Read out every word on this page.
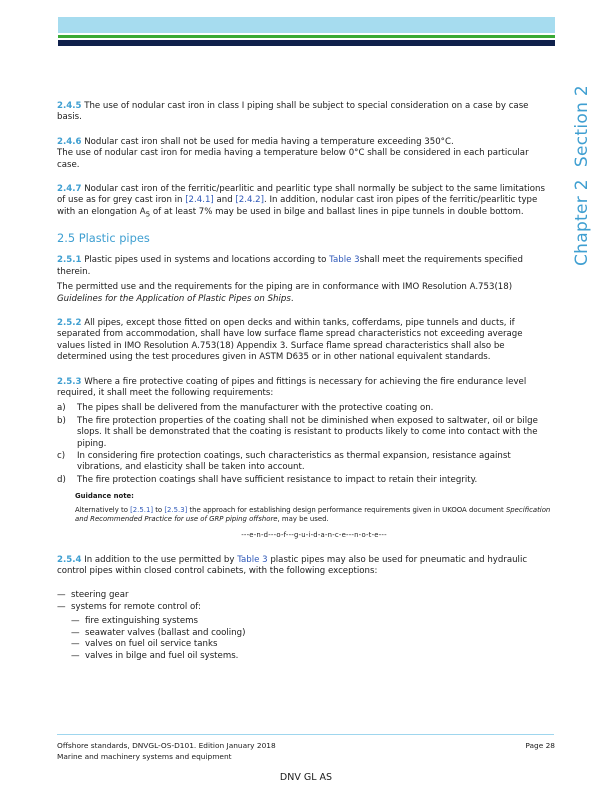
Chapter 2Section 2

2.4.5 The use of nodular cast iron in class I piping shall be subject to special consideration on a case by case basis.

2.4.6 Nodular cast iron shall not be used for media having a temperature exceeding 350°C.

The use of nodular cast iron for media having a temperature below 0°C shall be considered in each particular case.

2.4.7 Nodular cast iron of the ferritic/pearlitic and pearlitic type shall normally be subject to the same limitations of use as for grey cast iron in [2.4.1] and [2.4.2]. In addition, nodular cast iron pipes of the ferritic/pearlitic type with an elongation $A_5$ of at least 7% may be used in bilge and ballast lines in pipe tunnels in double bottom.

2.5 Plastic pipes

2.5.1 Plastic pipes used in systems and locations according to Table 3shall meet the requirements specified therein.

The permitted use and the requirements for the piping are in conformance with IMO Resolution A.753(18) Guidelines for the Application of Plastic Pipes on Ships.

2.5.2 All pipes, except those fitted on open decks and within tanks, cofferdams, pipe tunnels and ducts, if separated from accommodation, shall have low surface flame spread characteristics not exceeding average values listed in IMO Resolution A.753(18) Appendix 3. Surface flame spread characteristics shall also be determined using the test procedures given in ASTM D635 or in other national equivalent standards.

2.5.3 Where a fire protective coating of pipes and fittings is necessary for achieving the fire endurance level required, it shall meet the following requirements:

a)	The pipes shall be delivered from the manufacturer with the protective coating on.
b)	The fire protection properties of the coating shall not be diminished when exposed to saltwater, oil or bilge slops. It shall be demonstrated that the coating is resistant to products likely to come into contact with the piping.
c)	In considering fire protection coatings, such characteristics as thermal expansion, resistance against vibrations, and elasticity shall be taken into account.
d)	The fire protection coatings shall have sufficient resistance to impact to retain their integrity.
Guidance note:
Alternatively to [2.5.1] to [2.5.3] the approach for establishing design performance requirements given in UKOOA document Specification and Recommended Practice for use of GRP piping offshore, may be used.
---e-n-d---o-f---g-u-i-d-a-n-c-e---n-o-t-e---

2.5.4 In addition to the use permitted by Table 3 plastic pipes may also be used for pneumatic and hydraulic control pipes within closed control cabinets, with the following exceptions:

— steering gear
— systems for remote control of:
— fire extinguishing systems
— seawater valves (ballast and cooling)
— valves on fuel oil service tanks
— valves in bilge and fuel oil systems.
Offshore standards, DNVGL-OS-D101. Edition January 2018
Marine and machinery systems and equipment
Page 28
DNV GL AS
